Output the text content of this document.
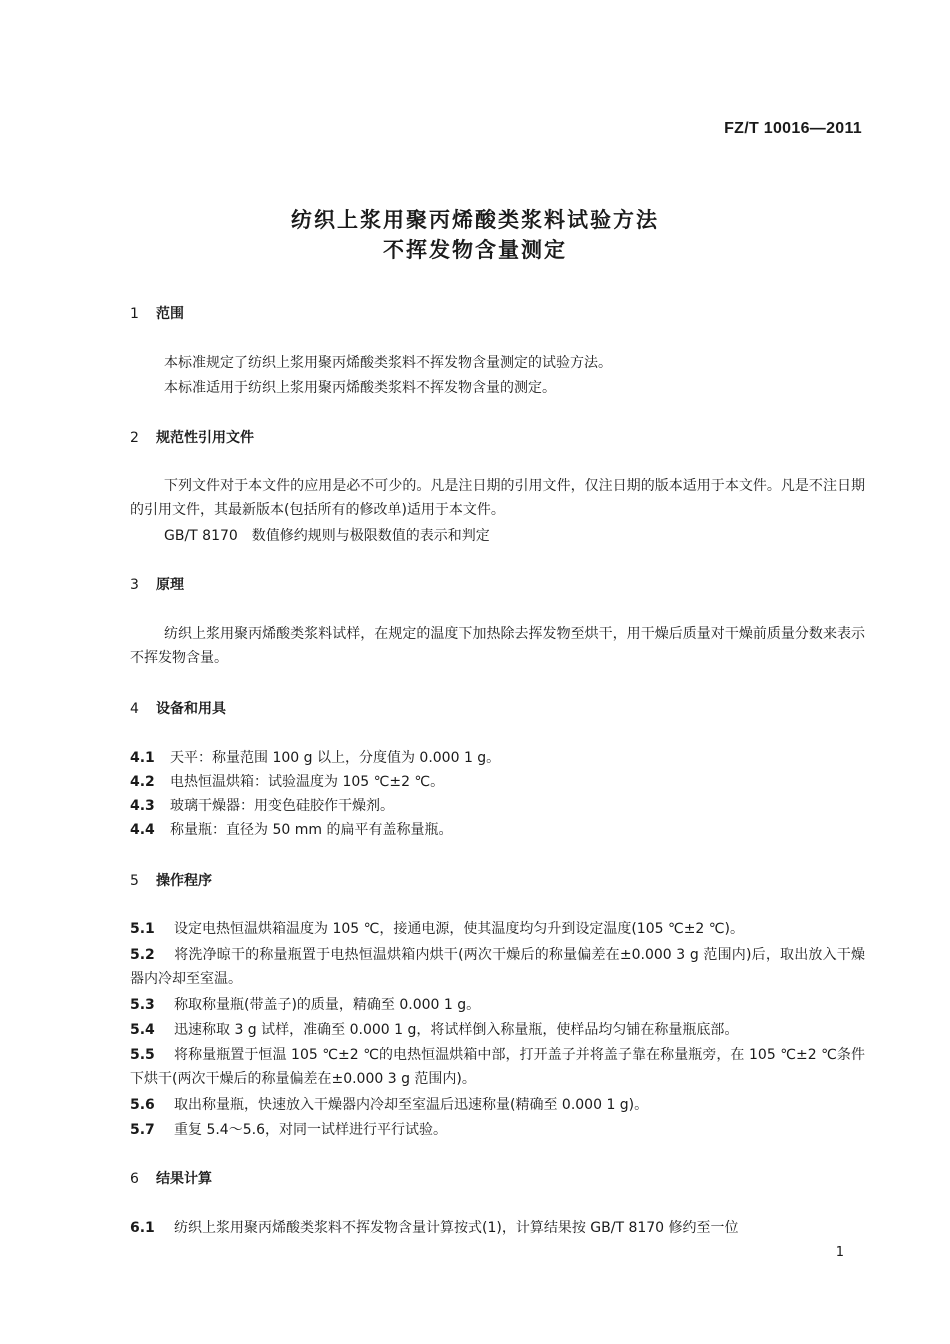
FZ/T 10016—2011
纺织上浆用聚丙烯酸类浆料试验方法
不挥发物含量测定
1 范围
本标准规定了纺织上浆用聚丙烯酸类浆料不挥发物含量测定的试验方法。
本标准适用于纺织上浆用聚丙烯酸类浆料不挥发物含量的测定。
2 规范性引用文件
下列文件对于本文件的应用是必不可少的。凡是注日期的引用文件，仅注日期的版本适用于本文件。凡是不注日期的引用文件，其最新版本(包括所有的修改单)适用于本文件。
GB/T 8170　数值修约规则与极限数值的表示和判定
3 原理
纺织上浆用聚丙烯酸类浆料试样，在规定的温度下加热除去挥发物至烘干，用干燥后质量对干燥前质量分数来表示不挥发物含量。
4 设备和用具
4.1 天平：称量范围 100 g 以上，分度值为 0.000 1 g。
4.2 电热恒温烘箱：试验温度为 105 ℃±2 ℃。
4.3 玻璃干燥器：用变色硅胶作干燥剂。
4.4 称量瓶：直径为 50 mm 的扁平有盖称量瓶。
5 操作程序
5.1 设定电热恒温烘箱温度为 105 ℃，接通电源，使其温度均匀升到设定温度(105 ℃±2 ℃)。
5.2 将洗净晾干的称量瓶置于电热恒温烘箱内烘干(两次干燥后的称量偏差在±0.000 3 g 范围内)后，取出放入干燥器内冷却至室温。
5.3 称取称量瓶(带盖子)的质量，精确至 0.000 1 g。
5.4 迅速称取 3 g 试样，准确至 0.000 1 g，将试样倒入称量瓶，使样品均匀铺在称量瓶底部。
5.5 将称量瓶置于恒温 105 ℃±2 ℃的电热恒温烘箱中部，打开盖子并将盖子靠在称量瓶旁，在 105 ℃±2 ℃条件下烘干(两次干燥后的称量偏差在±0.000 3 g 范围内)。
5.6 取出称量瓶，快速放入干燥器内冷却至室温后迅速称量(精确至 0.000 1 g)。
5.7 重复 5.4～5.6，对同一试样进行平行试验。
6 结果计算
6.1 纺织上浆用聚丙烯酸类浆料不挥发物含量计算按式(1)，计算结果按 GB/T 8170 修约至一位
1
